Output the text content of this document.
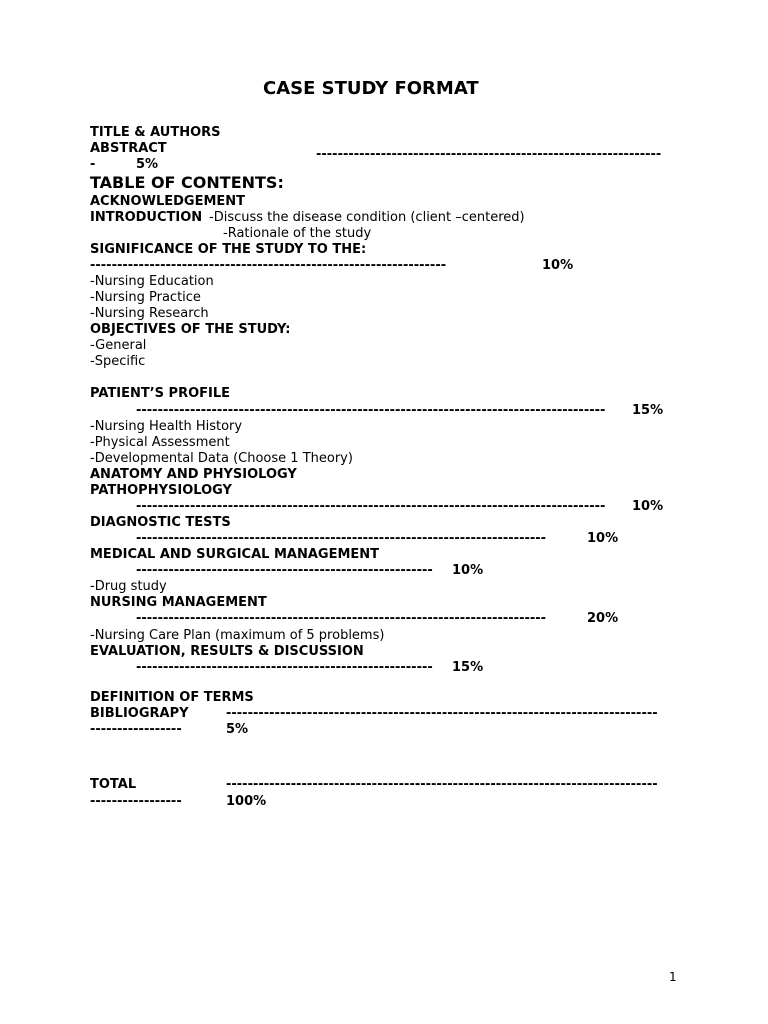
CASE STUDY FORMAT
TITLE & AUTHORS
ABSTRACT	----------------------------------------------------------------
-	5%
TABLE OF CONTENTS:
ACKNOWLEDGEMENT
INTRODUCTION -Discuss the disease condition (client –centered)
-Rationale of the study
SIGNIFICANCE OF THE STUDY TO THE:
------------------------------------------------------------------	10%
-Nursing Education
-Nursing Practice
-Nursing Research
OBJECTIVES OF THE STUDY:
-General
-Specific
PATIENT’S PROFILE
--------------------------------------------------------------------------------------- 15%
-Nursing Health History
-Physical Assessment
-Developmental Data (Choose 1 Theory)
ANATOMY AND PHYSIOLOGY
PATHOPHYSIOLOGY
--------------------------------------------------------------------------------------- 10%
DIAGNOSTIC TESTS
----------------------------------------------------------------------------	10%
MEDICAL AND SURGICAL MANAGEMENT
------------------------------------------------------- 10%
-Drug study
NURSING MANAGEMENT
----------------------------------------------------------------------------	20%
-Nursing Care Plan (maximum of 5 problems)
EVALUATION, RESULTS & DISCUSSION
------------------------------------------------------- 15%
DEFINITION OF TERMS
BIBLIOGRAPY	--------------------------------------------------------------------------------
-----------------	5%
TOTAL	--------------------------------------------------------------------------------
-----------------	100%
1
